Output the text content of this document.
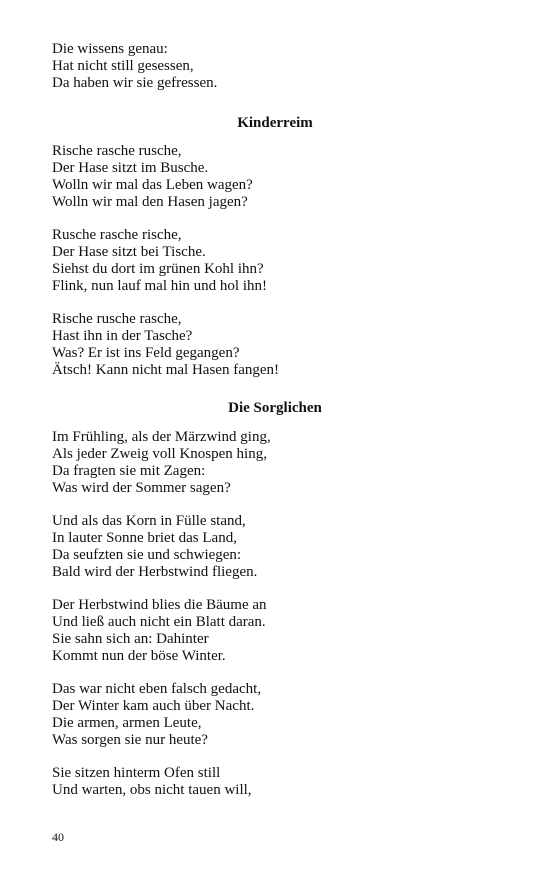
Die wissens genau:
Hat nicht still gesessen,
Da haben wir sie gefressen.
Kinderreim
Rische rasche rusche,
Der Hase sitzt im Busche.
Wolln wir mal das Leben wagen?
Wolln wir mal den Hasen jagen?
Rusche rasche rische,
Der Hase sitzt bei Tische.
Siehst du dort im grünen Kohl ihn?
Flink, nun lauf mal hin und hol ihn!
Rische rusche rasche,
Hast ihn in der Tasche?
Was? Er ist ins Feld gegangen?
Ätsch! Kann nicht mal Hasen fangen!
Die Sorglichen
Im Frühling, als der Märzwind ging,
Als jeder Zweig voll Knospen hing,
Da fragten sie mit Zagen:
Was wird der Sommer sagen?
Und als das Korn in Fülle stand,
In lauter Sonne briet das Land,
Da seufzten sie und schwiegen:
Bald wird der Herbstwind fliegen.
Der Herbstwind blies die Bäume an
Und ließ auch nicht ein Blatt daran.
Sie sahn sich an: Dahinter
Kommt nun der böse Winter.
Das war nicht eben falsch gedacht,
Der Winter kam auch über Nacht.
Die armen, armen Leute,
Was sorgen sie nur heute?
Sie sitzen hinterm Ofen still
Und warten, obs nicht tauen will,
40
